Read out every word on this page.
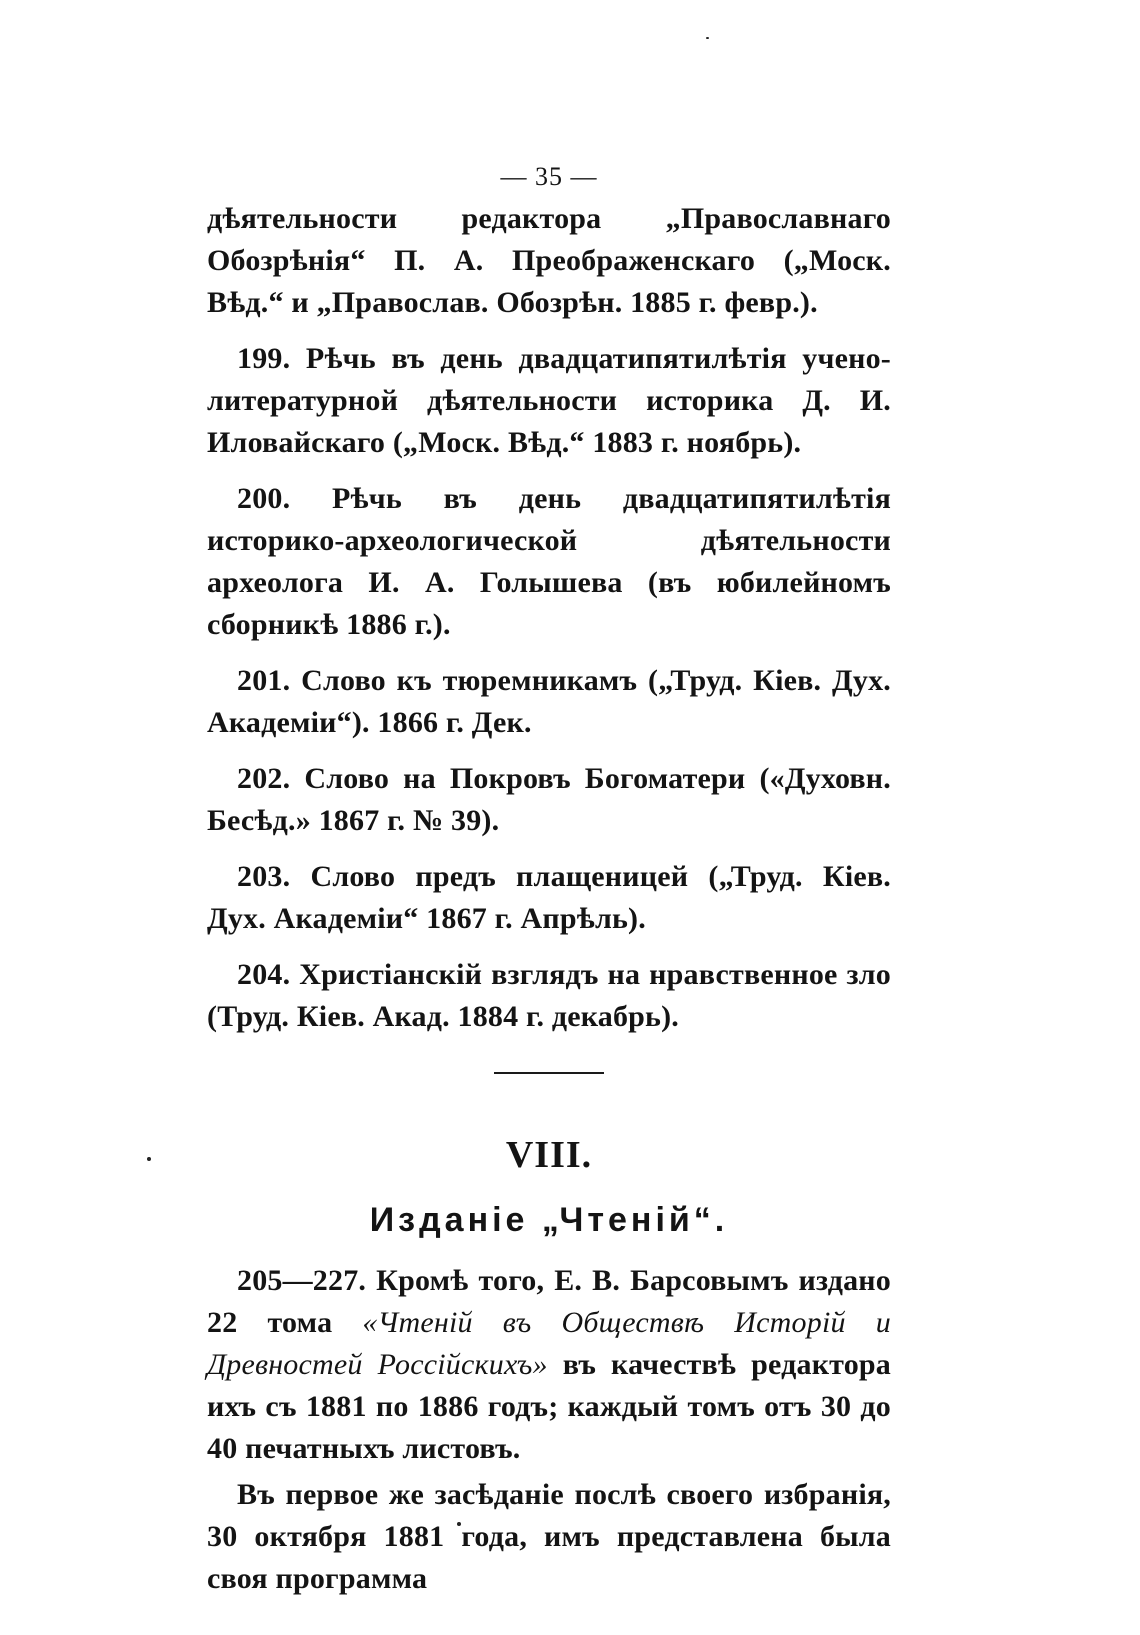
— 35 —

дѣятельности редактора „Православнаго Обозрѣнія“ П. А. Преображенскаго („Моск. Вѣд.“ и „Православ. Обозрѣн. 1885 г. февр.).

199. Рѣчь въ день двадцатипятилѣтія учено-литературной дѣятельности историка Д. И. Иловайскаго („Моск. Вѣд.“ 1883 г. ноябрь).

200. Рѣчь въ день двадцатипятилѣтія историко-археологической дѣятельности археолога И. А. Голышева (въ юбилейномъ сборникѣ 1886 г.).

201. Слово къ тюремникамъ („Труд. Кiев. Дух. Академiи“). 1866 г. Дек.

202. Слово на Покровъ Богоматери («Духовн. Бесѣд.» 1867 г. № 39).

203. Слово предъ плащеницей („Труд. Кiев. Дух. Академiи“ 1867 г. Апрѣль).

204. Христiанскiй взглядъ на нравственное зло (Труд. Кiев. Акад. 1884 г. декабрь).

VIII.
Изданiе „Чтенiй“.

205—227. Кромѣ того, Е. В. Барсовымъ издано 22 тома «Чтенiй въ Обществѣ Исторiй и Древностей Россiйскихъ» въ качествѣ редактора ихъ съ 1881 по 1886 годъ; каждый томъ отъ 30 до 40 печатныхъ листовъ.

Въ первое же засѣданiе послѣ своего избранiя, 30 октября 1881 года, имъ представлена была своя программа
